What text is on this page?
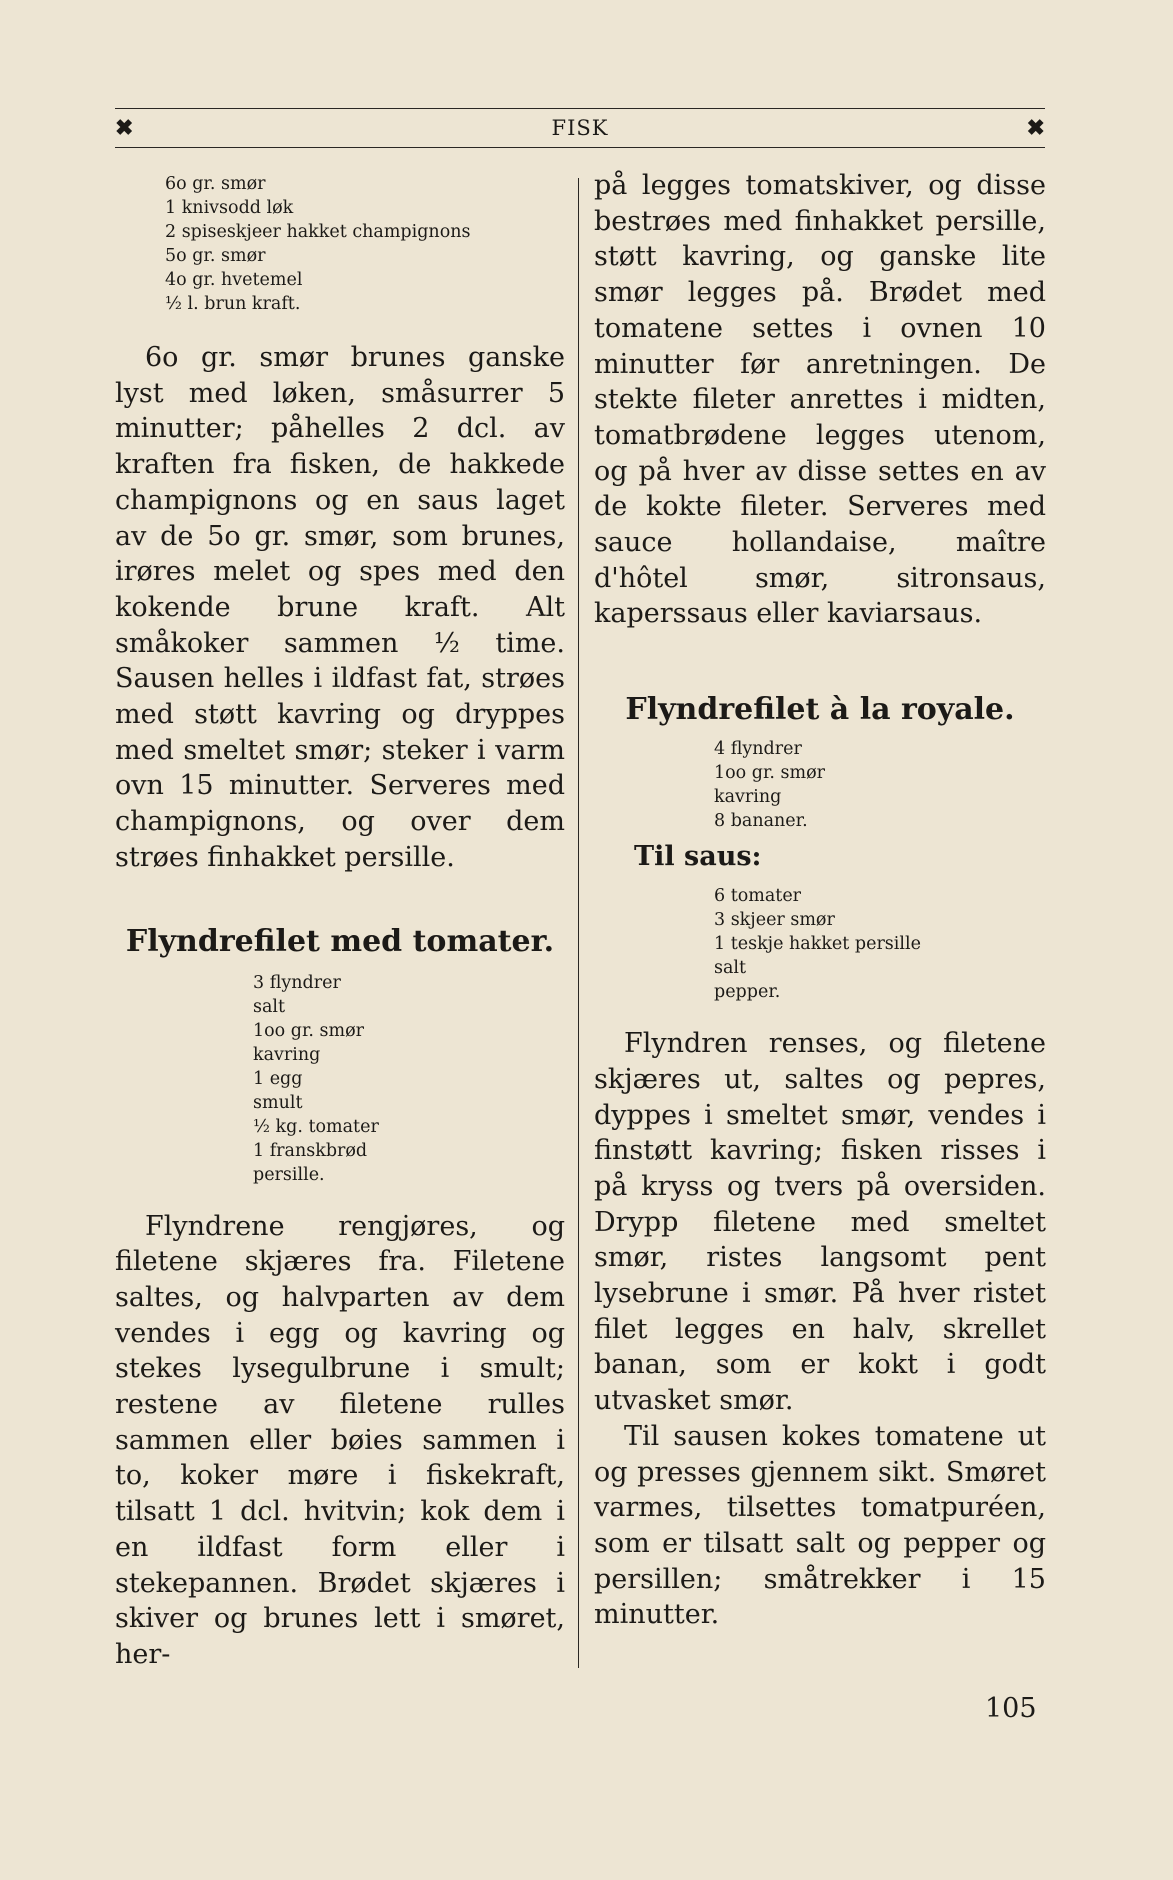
✖	FISK	✖
6o gr. smør
1 knivsodd løk
2 spiseskjeer hakket champignons
5o gr. smør
4o gr. hvetemel
½ l. brun kraft.

6o gr. smør brunes ganske lyst med løken, småsurrer 5 minutter; påhelles 2 dcl. av kraften fra fisken, de hakkede champignons og en saus laget av de 5o gr. smør, som brunes, irøres melet og spes med den kokende brune kraft. Alt småkoker sammen ½ time. Sausen helles i ildfast fat, strøes med støtt kavring og dryppes med smeltet smør; steker i varm ovn 15 minutter. Serveres med champignons, og over dem strøes finhakket persille.

Flyndrefilet med tomater.
3 flyndrer
salt
1oo gr. smør
kavring
1 egg
smult
½ kg. tomater
1 franskbrød
persille.

Flyndrene rengjøres, og filetene skjæres fra. Filetene saltes, og halvparten av dem vendes i egg og kavring og stekes lysegulbrune i smult; restene av filetene rulles sammen eller bøies sammen i to, koker møre i fiskekraft, tilsatt 1 dcl. hvitvin; kok dem i en ildfast form eller i stekepannen. Brødet skjæres i skiver og brunes lett i smøret, her-

på legges tomatskiver, og disse bestrøes med finhakket persille, støtt kavring, og ganske lite smør legges på. Brødet med tomatene settes i ovnen 10 minutter før anretningen. De stekte fileter anrettes i midten, tomatbrødene legges utenom, og på hver av disse settes en av de kokte fileter. Serveres med sauce hollandaise, maître d'hôtel smør, sitronsaus, kaperssaus eller kaviarsaus.

Flyndrefilet à la royale.
4 flyndrer
1oo gr. smør
kavring
8 bananer.
Til saus:
6 tomater
3 skjeer smør
1 teskje hakket persille
salt
pepper.

Flyndren renses, og filetene skjæres ut, saltes og pepres, dyppes i smeltet smør, vendes i finstøtt kavring; fisken risses i på kryss og tvers på oversiden. Drypp filetene med smeltet smør, ristes langsomt pent lysebrune i smør. På hver ristet filet legges en halv, skrellet banan, som er kokt i godt utvasket smør.

Til sausen kokes tomatene ut og presses gjennem sikt. Smøret varmes, tilsettes tomatpuréen, som er tilsatt salt og pepper og persillen; småtrekker i 15 minutter.

105
